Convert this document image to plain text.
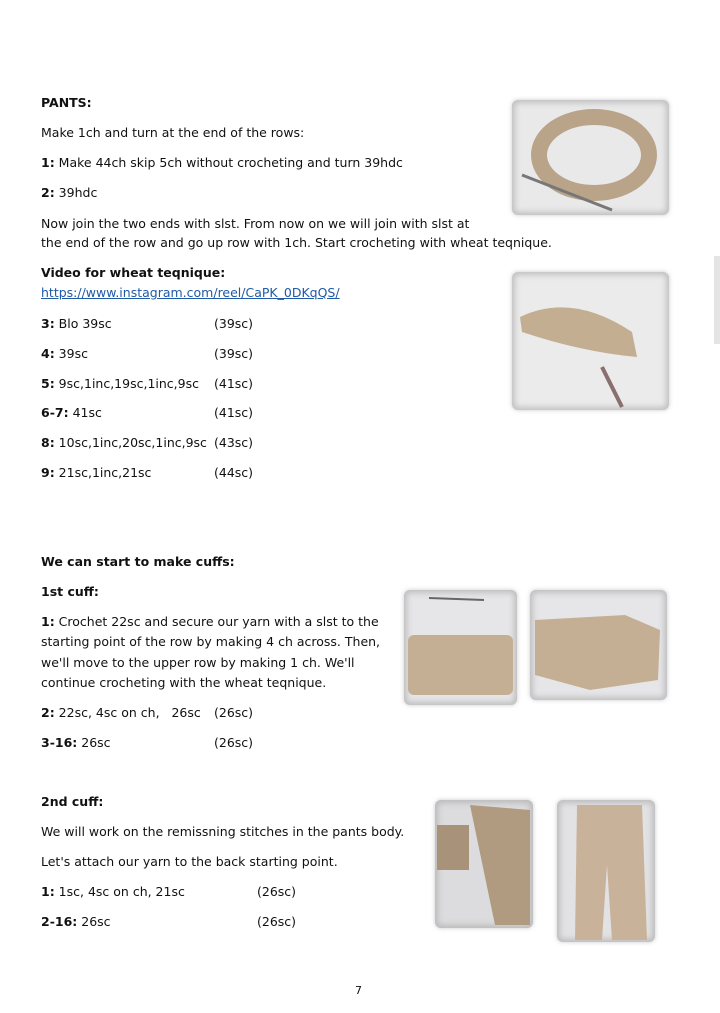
PANTS:
Make 1ch and turn at the end of the rows:
1: Make 44ch skip 5ch without crocheting and turn 39hdc
2: 39hdc
Now join the two ends with slst. From now on we will join with slst at
the end of the row and go up row with 1ch. Start crocheting with wheat teqnique.
Video for wheat teqnique:
https://www.instagram.com/reel/CaPK_0DKqQS/
3: Blo 39sc	(39sc)
4: 39sc	(39sc)
5: 9sc,1inc,19sc,1inc,9sc (41sc)
6-7: 41sc	(41sc)
8: 10sc,1inc,20sc,1inc,9sc (43sc)
9: 21sc,1inc,21sc	(44sc)
We can start to make cuffs:
1st cuff:
1: Crochet 22sc and secure our yarn with a slst to the
starting point of the row by making 4 ch across. Then,
we'll move to the upper row by making 1 ch. We'll
continue crocheting with the wheat teqnique.
2: 22sc, 4sc on ch,   26sc (26sc)
3-16: 26sc	(26sc)
2nd cuff:
We will work on the remissning stitches in the pants body.
Let's attach our yarn to the back starting point.
1: 1sc, 4sc on ch, 21sc	(26sc)
2-16: 26sc	(26sc)
7
